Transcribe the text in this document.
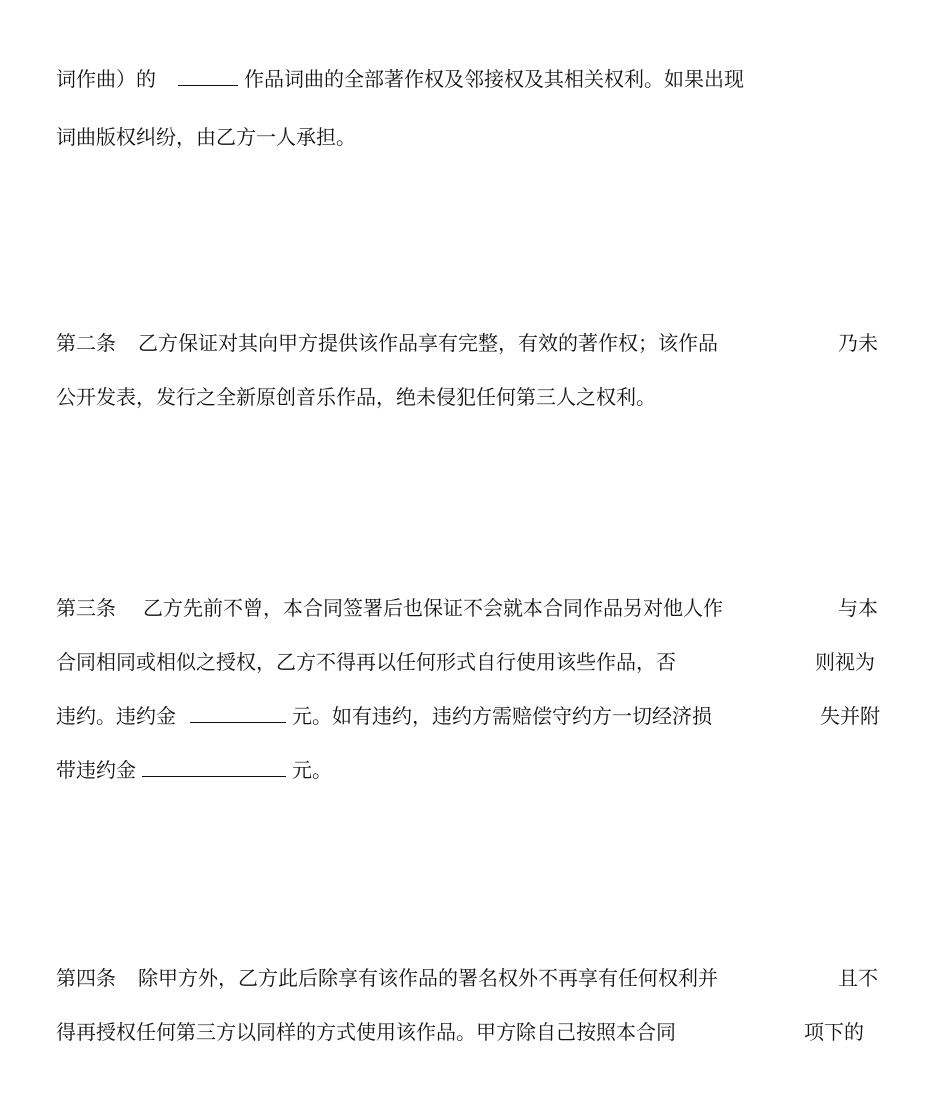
词作曲）的	作品词曲的全部著作权及邻接权及其相关权利。如果出现
词曲版权纠纷，由乙方一人承担。
第二条 乙方保证对其向甲方提供该作品享有完整，有效的著作权；该作品	乃未
公开发表，发行之全新原创音乐作品，绝未侵犯任何第三人之权利。
第三条 乙方先前不曾，本合同签署后也保证不会就本合同作品另对他人作	与本
合同相同或相似之授权，乙方不得再以任何形式自行使用该些作品，否	则视为
违约。违约金	元。如有违约，违约方需赔偿守约方一切经济损	失并附
带违约金	元。
第四条 除甲方外，乙方此后除享有该作品的署名权外不再享有任何权利并	且不
得再授权任何第三方以同样的方式使用该作品。甲方除自己按照本合同	项下的
